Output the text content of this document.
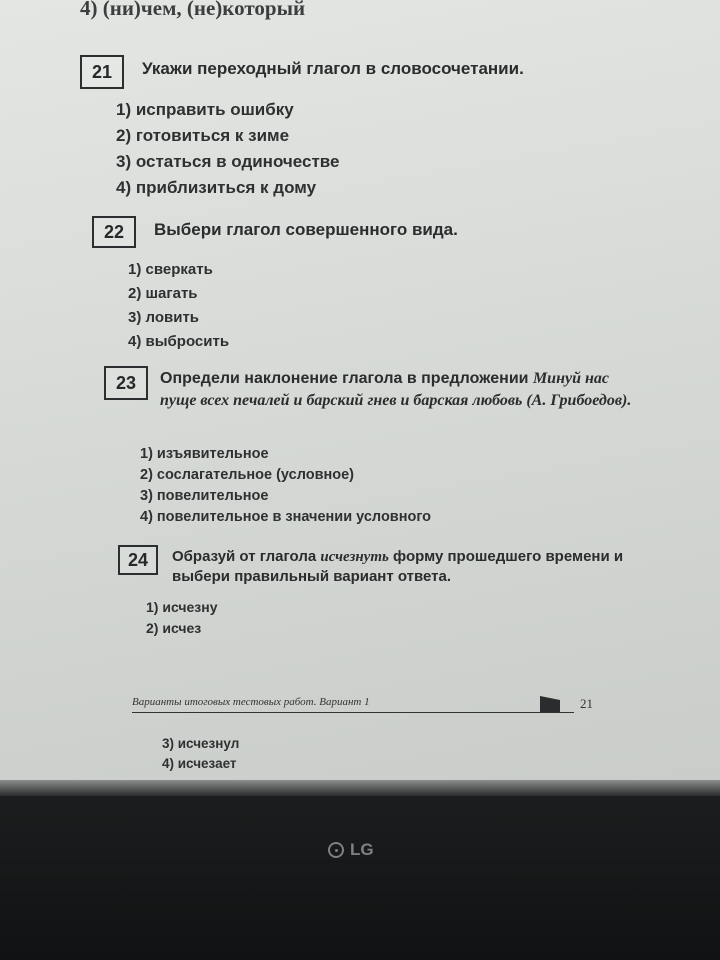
4) (ни)чем, (не)который
21	Укажи переходный глагол в словосочетании.
1) исправить ошибку
2) готовиться к зиме
3) остаться в одиночестве
4) приблизиться к дому
22	Выбери глагол совершенного вида.
1) сверкать
2) шагать
3) ловить
4) выбросить
23	Определи наклонение глагола в предложении Минуй нас пуще всех печалей и барский гнев и барская любовь (А. Грибоедов).
1) изъявительное
2) сослагательное (условное)
3) повелительное
4) повелительное в значении условного
24	Образуй от глагола исчезнуть форму прошедшего времени и выбери правильный вариант ответа.
1) исчезну
2) исчез
Варианты итоговых тестовых работ. Вариант 1	21
3) исчезнул
4) исчезает
LG
